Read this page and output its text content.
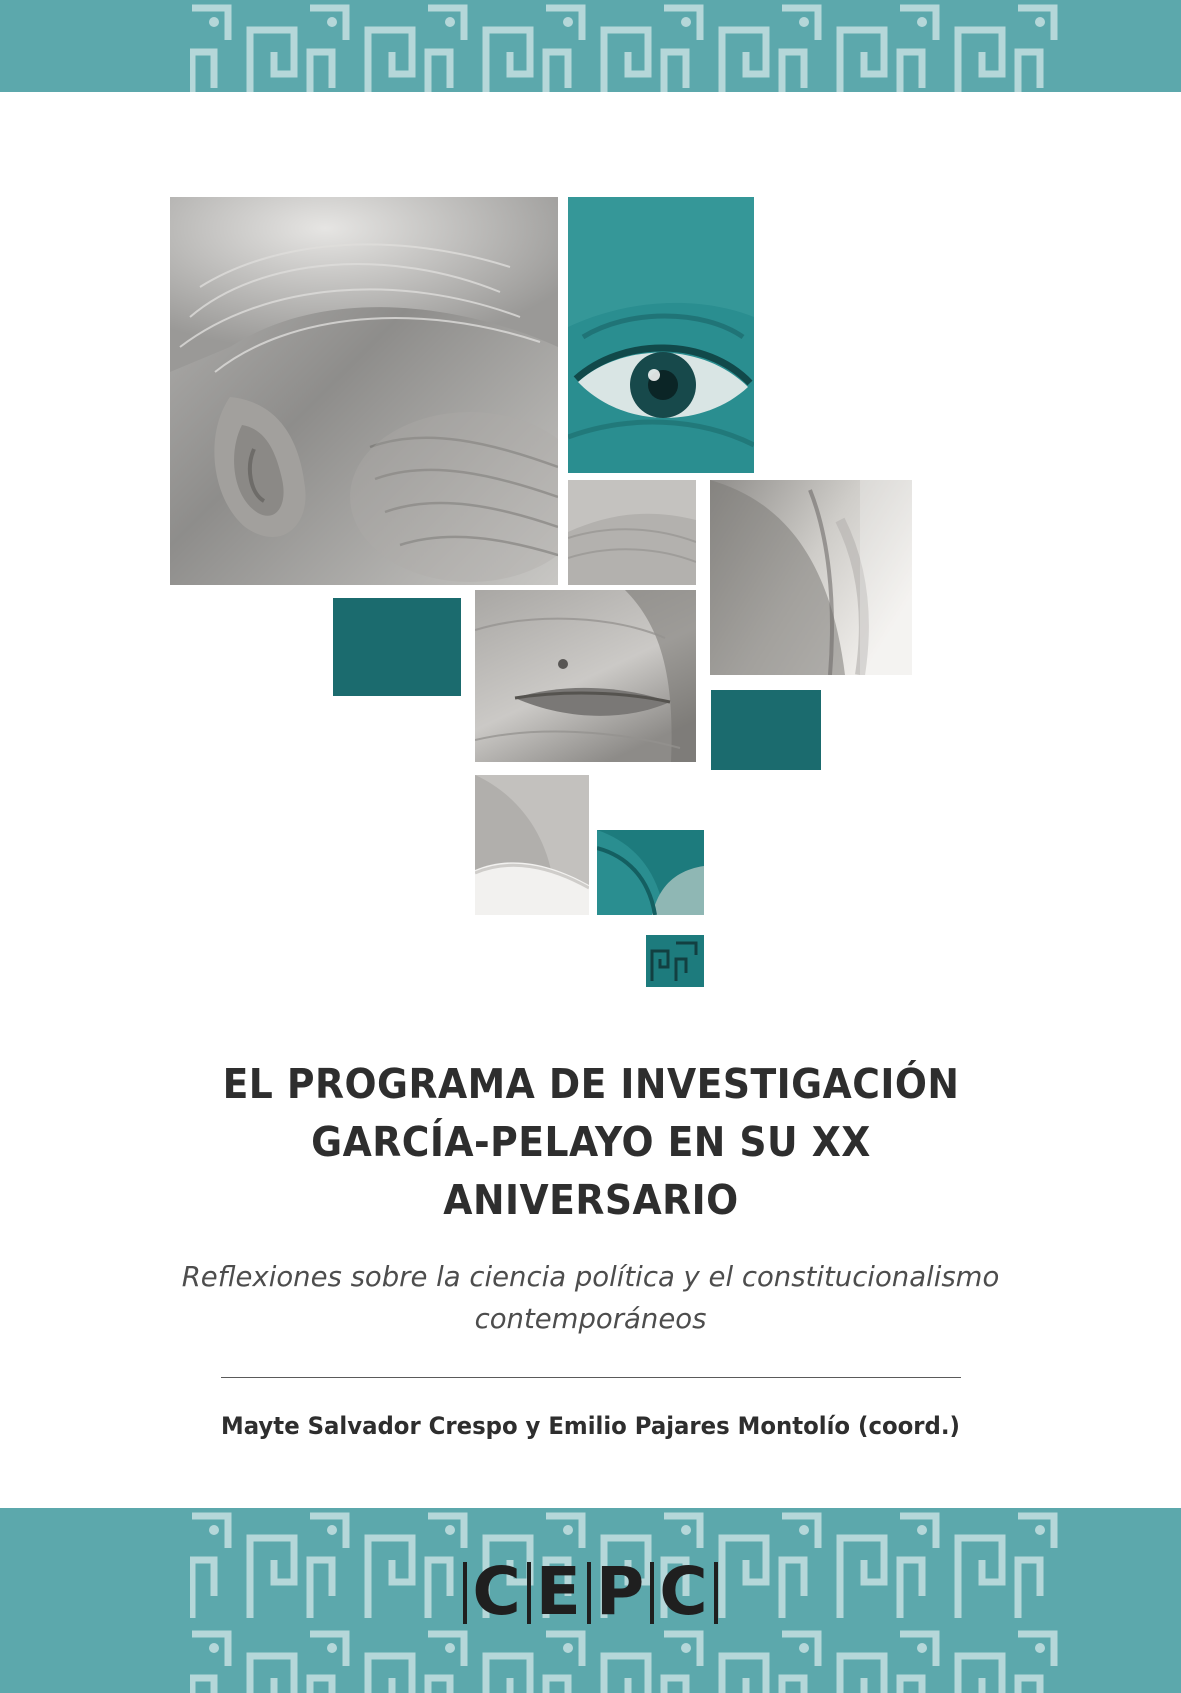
EL PROGRAMA DE INVESTIGACIÓN
GARCÍA-PELAYO EN SU XX ANIVERSARIO
Reflexiones sobre la ciencia política y el constitucionalismo
contemporáneos
Mayte Salvador Crespo y Emilio Pajares Montolío (coord.)
C E P C
